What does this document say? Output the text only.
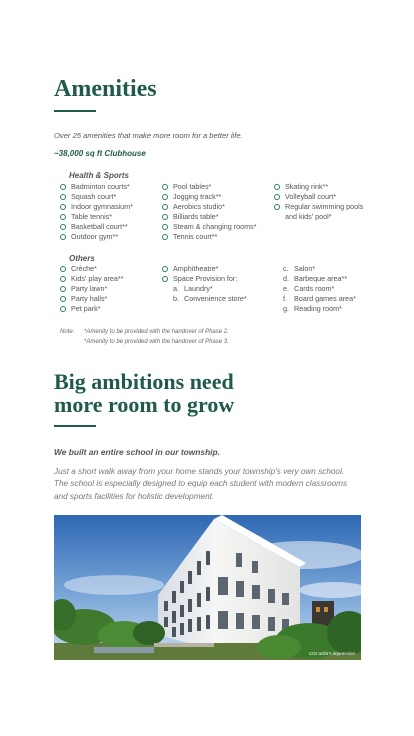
Amenities
Over 25 amenities that make more room for a better life.
~38,000 sq ft Clubhouse
Health & Sports
Badminton courts*
Squash court*
Indoor gymnasium*
Table tennis*
Basketball court**
Outdoor gym**
Pool tables*
Jogging track**
Aerobics studio*
Billiards table*
Steam & changing rooms*
Tennis court**
Skating rink**
Volleyball court*
Regular swimming pools
and kids' pool*
Others
Crèche*
Kids' play area**
Party lawn*
Party halls*
Pet park*
Amphitheatre*
Space Provision for:
a. Laundry*
b. Convenience store*
c. Salon*
d. Barbeque area**
e. Cards room*
f. Board games area*
g. Reading room*
Note: *Amenity to be provided with the handover of Phase 2.
*Amenity to be provided with the handover of Phase 3.
Big ambitions need
more room to grow
We built an entire school in our township.
Just a short walk away from your home stands your township's very own school.
The school is especially designed to equip each student with modern classrooms
and sports facilities for holistic development.
CGI artist's impression
